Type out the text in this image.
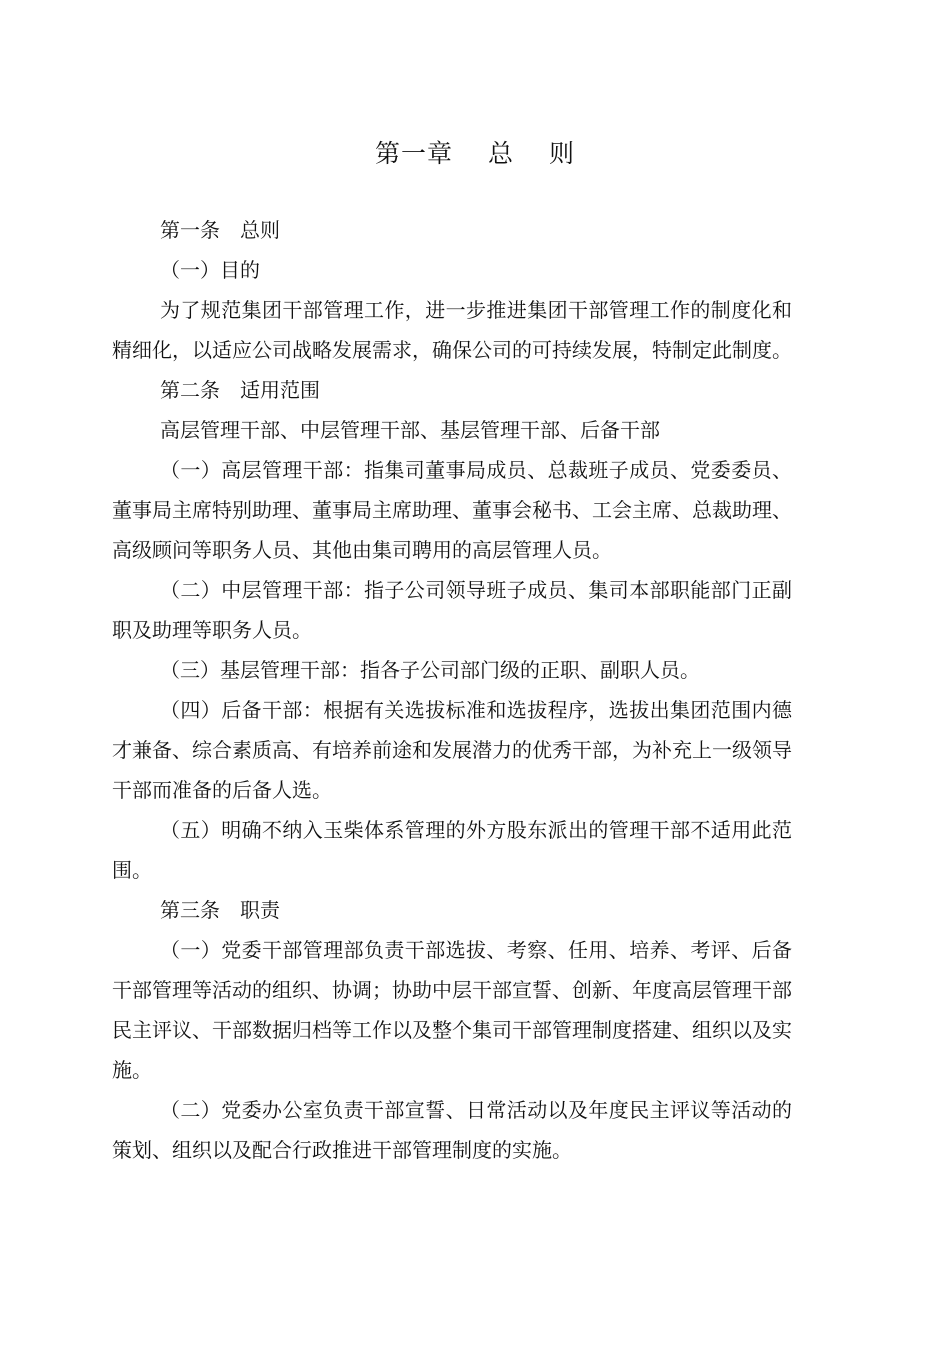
第一章　 总　 则

第一条　总则

（一）目的

为了规范集团干部管理工作，进一步推进集团干部管理工作的制度化和精细化，以适应公司战略发展需求，确保公司的可持续发展，特制定此制度。

第二条　适用范围

高层管理干部、中层管理干部、基层管理干部、后备干部

（一）高层管理干部：指集司董事局成员、总裁班子成员、党委委员、董事局主席特别助理、董事局主席助理、董事会秘书、工会主席、总裁助理、高级顾问等职务人员、其他由集司聘用的高层管理人员。

（二）中层管理干部：指子公司领导班子成员、集司本部职能部门正副职及助理等职务人员。

（三）基层管理干部：指各子公司部门级的正职、副职人员。

（四）后备干部：根据有关选拔标准和选拔程序，选拔出集团范围内德才兼备、综合素质高、有培养前途和发展潜力的优秀干部，为补充上一级领导干部而准备的后备人选。

（五）明确不纳入玉柴体系管理的外方股东派出的管理干部不适用此范围。

第三条　职责

（一）党委干部管理部负责干部选拔、考察、任用、培养、考评、后备干部管理等活动的组织、协调；协助中层干部宣誓、创新、年度高层管理干部民主评议、干部数据归档等工作以及整个集司干部管理制度搭建、组织以及实施。

（二）党委办公室负责干部宣誓、日常活动以及年度民主评议等活动的策划、组织以及配合行政推进干部管理制度的实施。
